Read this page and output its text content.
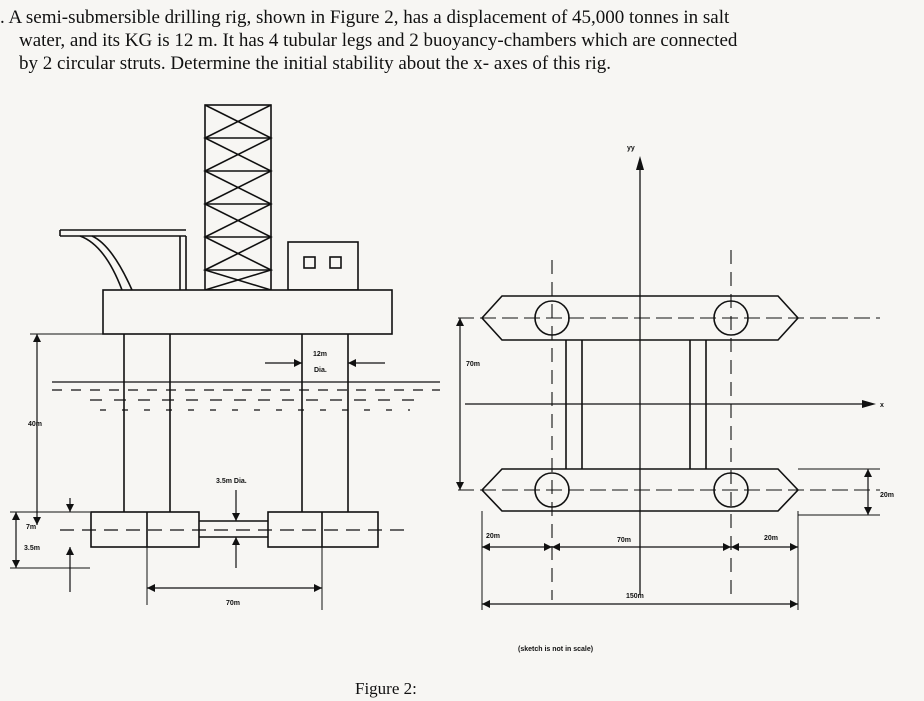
. A semi-submersible drilling rig, shown in Figure 2, has a displacement of 45,000 tonnes in salt
water, and its KG is 12 m. It has 4 tubular legs and 2 buoyancy-chambers which are connected
by 2 circular struts. Determine the initial stability about the x- axes of this rig.
40m
12m
Dia.
3.5m Dia.
7m
3.5m
70m
yy
x
70m
20m
20m
70m	20m
150m
(sketch is not in scale)
Figure 2:
